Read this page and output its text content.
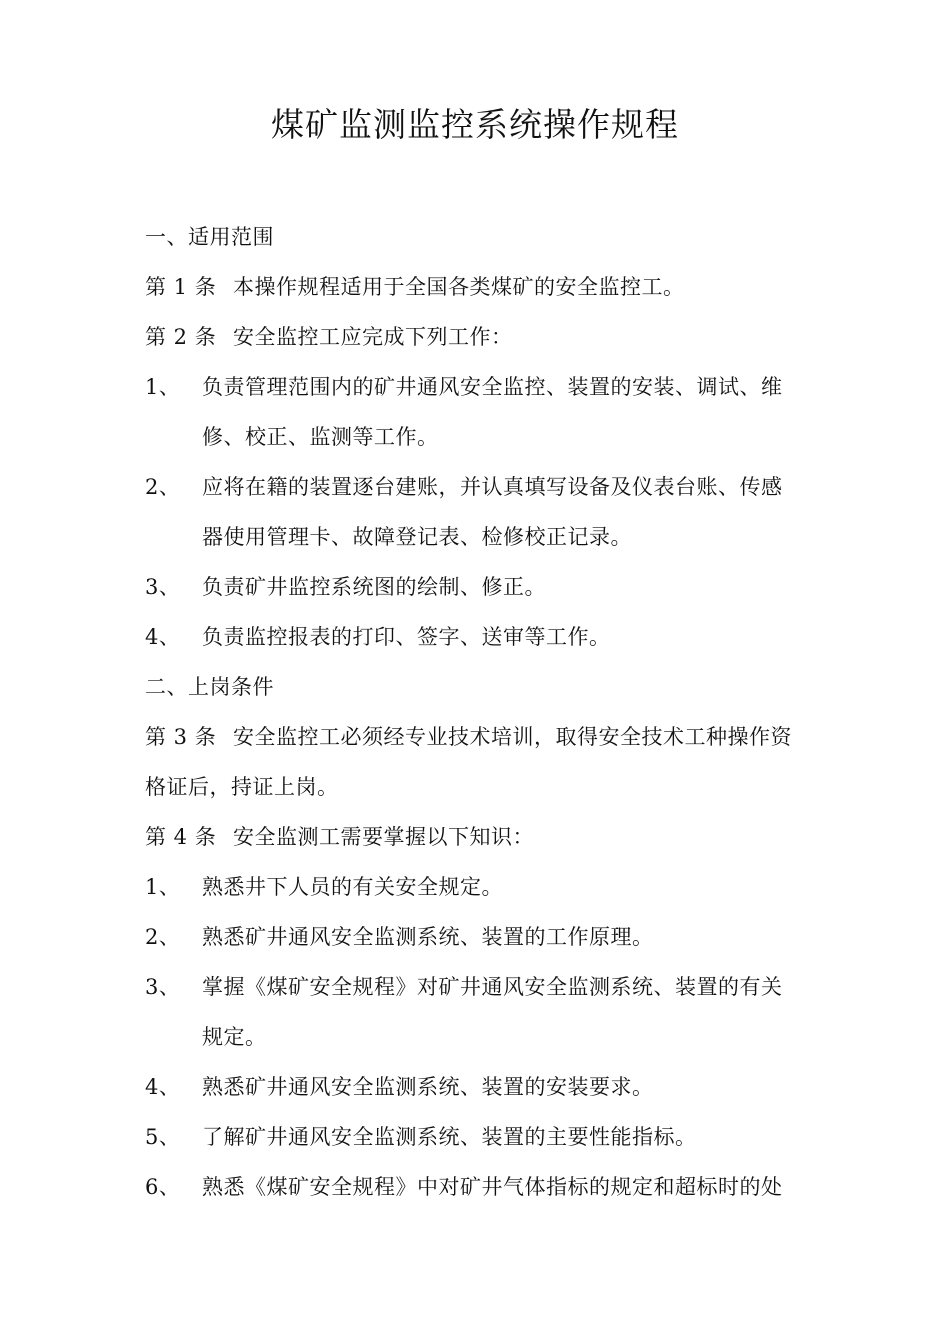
煤矿监测监控系统操作规程
一、适用范围
第 1 条 本操作规程适用于全国各类煤矿的安全监控工。
第 2 条 安全监控工应完成下列工作：
1、 负责管理范围内的矿井通风安全监控、装置的安装、调试、维
修、校正、监测等工作。
2、 应将在籍的装置逐台建账，并认真填写设备及仪表台账、传感
器使用管理卡、故障登记表、检修校正记录。
3、 负责矿井监控系统图的绘制、修正。
4、 负责监控报表的打印、签字、送审等工作。
二、上岗条件
第 3 条 安全监控工必须经专业技术培训，取得安全技术工种操作资
格证后，持证上岗。
第 4 条 安全监测工需要掌握以下知识：
1、 熟悉井下人员的有关安全规定。
2、 熟悉矿井通风安全监测系统、装置的工作原理。
3、 掌握《煤矿安全规程》对矿井通风安全监测系统、装置的有关
规定。
4、 熟悉矿井通风安全监测系统、装置的安装要求。
5、 了解矿井通风安全监测系统、装置的主要性能指标。
6、 熟悉《煤矿安全规程》中对矿井气体指标的规定和超标时的处
